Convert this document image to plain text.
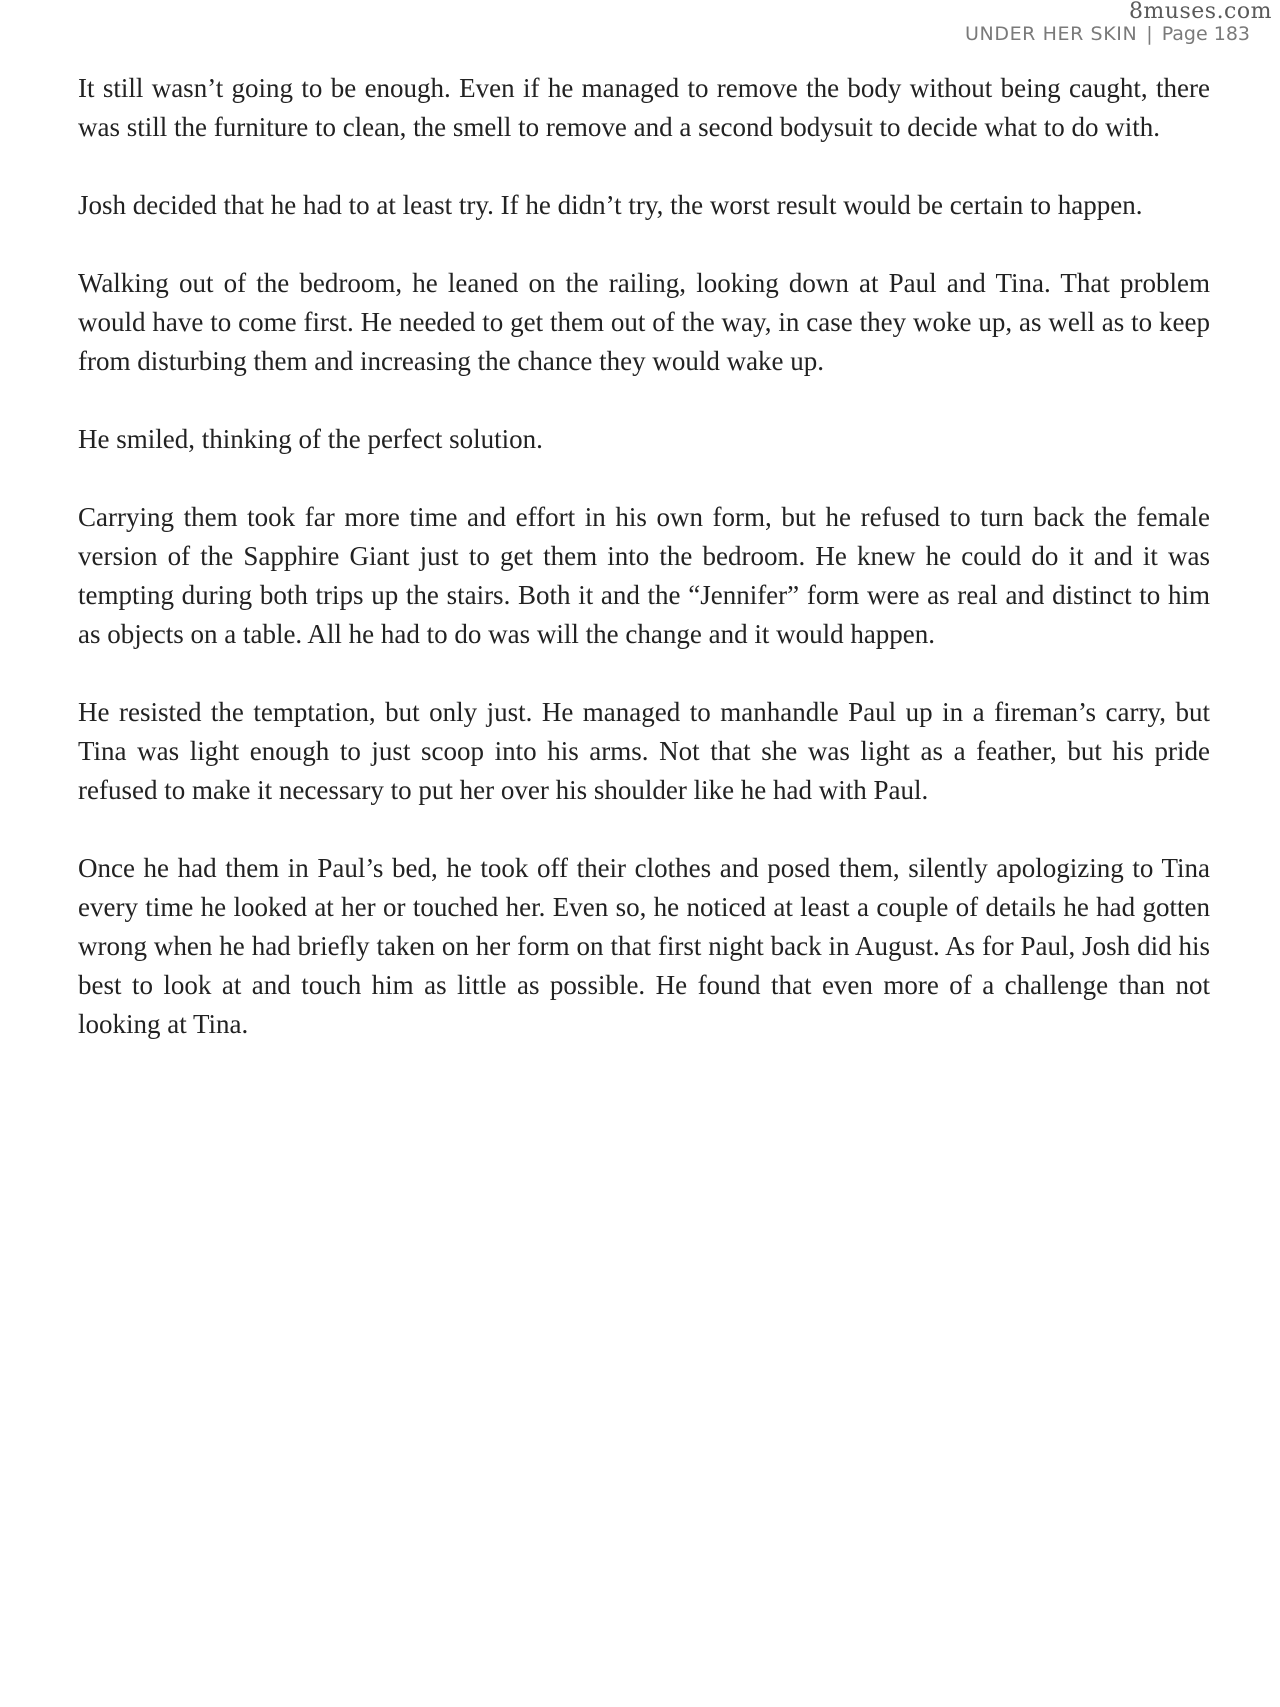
8muses.com
UNDER HER SKIN | Page 183

It still wasn’t going to be enough. Even if he managed to remove the body without being caught, there was still the furniture to clean, the smell to remove and a second bodysuit to decide what to do with.

Josh decided that he had to at least try. If he didn’t try, the worst result would be certain to happen.

Walking out of the bedroom, he leaned on the railing, looking down at Paul and Tina. That problem would have to come first. He needed to get them out of the way, in case they woke up, as well as to keep from disturbing them and increasing the chance they would wake up.

He smiled, thinking of the perfect solution.

Carrying them took far more time and effort in his own form, but he refused to turn back the female version of the Sapphire Giant just to get them into the bedroom. He knew he could do it and it was tempting during both trips up the stairs. Both it and the “Jennifer” form were as real and distinct to him as objects on a table. All he had to do was will the change and it would happen.

He resisted the temptation, but only just. He managed to manhandle Paul up in a fireman’s carry, but Tina was light enough to just scoop into his arms. Not that she was light as a feather, but his pride refused to make it necessary to put her over his shoulder like he had with Paul.

Once he had them in Paul’s bed, he took off their clothes and posed them, silently apologizing to Tina every time he looked at her or touched her. Even so, he noticed at least a couple of details he had gotten wrong when he had briefly taken on her form on that first night back in August. As for Paul, Josh did his best to look at and touch him as little as possible. He found that even more of a challenge than not looking at Tina.
